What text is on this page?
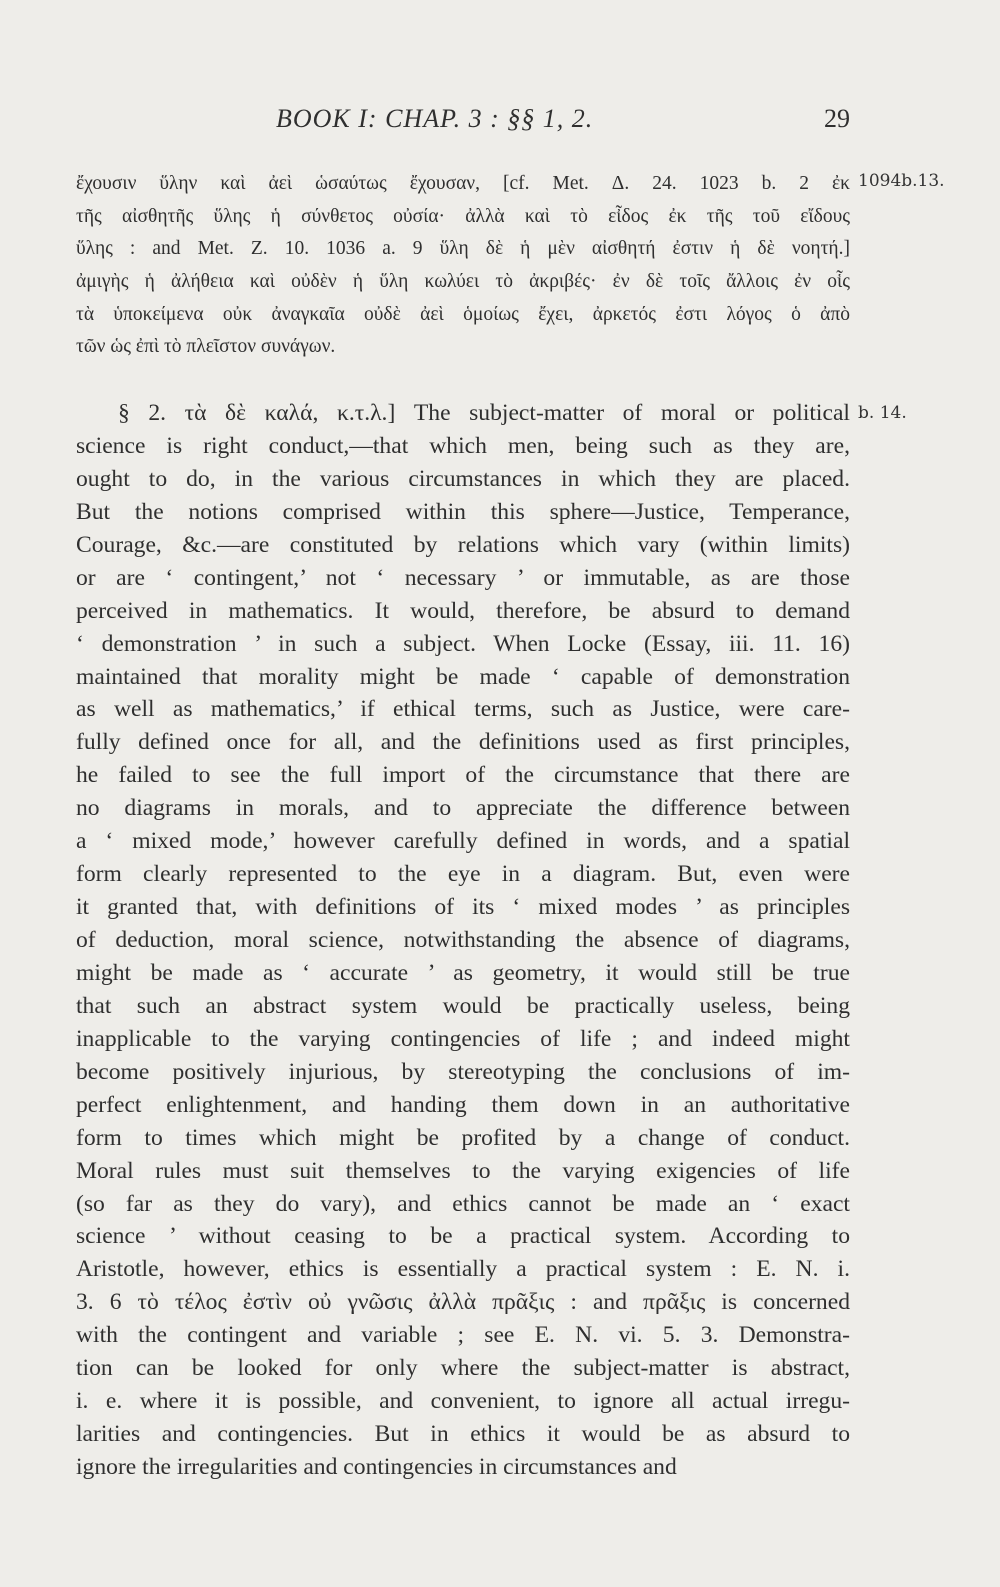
BOOK I: CHAP. 3 : §§ 1, 2.	29
1094b.13.
b. 14.
ἔχουσιν ὕλην καὶ ἀεὶ ὡσαύτως ἔχουσαν, [cf. Met. Δ. 24. 1023 b. 2 ἐκ
τῆς αἰσθητῆς ὕλης ἡ σύνθετος οὐσία· ἀλλὰ καὶ τὸ εἶδος ἐκ τῆς τοῦ εἴδους
ὕλης : and Met. Z. 10. 1036 a. 9 ὕλη δὲ ἡ μὲν αἰσθητή ἐστιν ἡ δὲ νοητή.]
ἀμιγὴς ἡ ἀλήθεια καὶ οὐδὲν ἡ ὕλη κωλύει τὸ ἀκριβές· ἐν δὲ τοῖς ἄλλοις ἐν οἷς
τὰ ὑποκείμενα οὐκ ἀναγκαῖα οὐδὲ ἀεὶ ὁμοίως ἔχει, ἀρκετός ἐστι λόγος ὁ ἀπὸ
τῶν ὡς ἐπὶ τὸ πλεῖστον συνάγων.
§ 2. τὰ δὲ καλά, κ.τ.λ.] The subject-matter of moral or political
science is right conduct,—that which men, being such as they are,
ought to do, in the various circumstances in which they are placed.
But the notions comprised within this sphere—Justice, Temperance,
Courage, &c.—are constituted by relations which vary (within limits)
or are ‘ contingent,’ not ‘ necessary ’ or immutable, as are those
perceived in mathematics. It would, therefore, be absurd to demand
‘ demonstration ’ in such a subject. When Locke (Essay, iii. 11. 16)
maintained that morality might be made ‘ capable of demonstration
as well as mathematics,’ if ethical terms, such as Justice, were care-
fully defined once for all, and the definitions used as first principles,
he failed to see the full import of the circumstance that there are
no diagrams in morals, and to appreciate the difference between
a ‘ mixed mode,’ however carefully defined in words, and a spatial
form clearly represented to the eye in a diagram. But, even were
it granted that, with definitions of its ‘ mixed modes ’ as principles
of deduction, moral science, notwithstanding the absence of diagrams,
might be made as ‘ accurate ’ as geometry, it would still be true
that such an abstract system would be practically useless, being
inapplicable to the varying contingencies of life ; and indeed might
become positively injurious, by stereotyping the conclusions of im-
perfect enlightenment, and handing them down in an authoritative
form to times which might be profited by a change of conduct.
Moral rules must suit themselves to the varying exigencies of life
(so far as they do vary), and ethics cannot be made an ‘ exact
science ’ without ceasing to be a practical system. According to
Aristotle, however, ethics is essentially a practical system : E. N. i.
3. 6 τὸ τέλος ἐστὶν οὐ γνῶσις ἀλλὰ πρᾶξις : and πρᾶξις is concerned
with the contingent and variable ; see E. N. vi. 5. 3. Demonstra-
tion can be looked for only where the subject-matter is abstract,
i. e. where it is possible, and convenient, to ignore all actual irregu-
larities and contingencies. But in ethics it would be as absurd to
ignore the irregularities and contingencies in circumstances and
